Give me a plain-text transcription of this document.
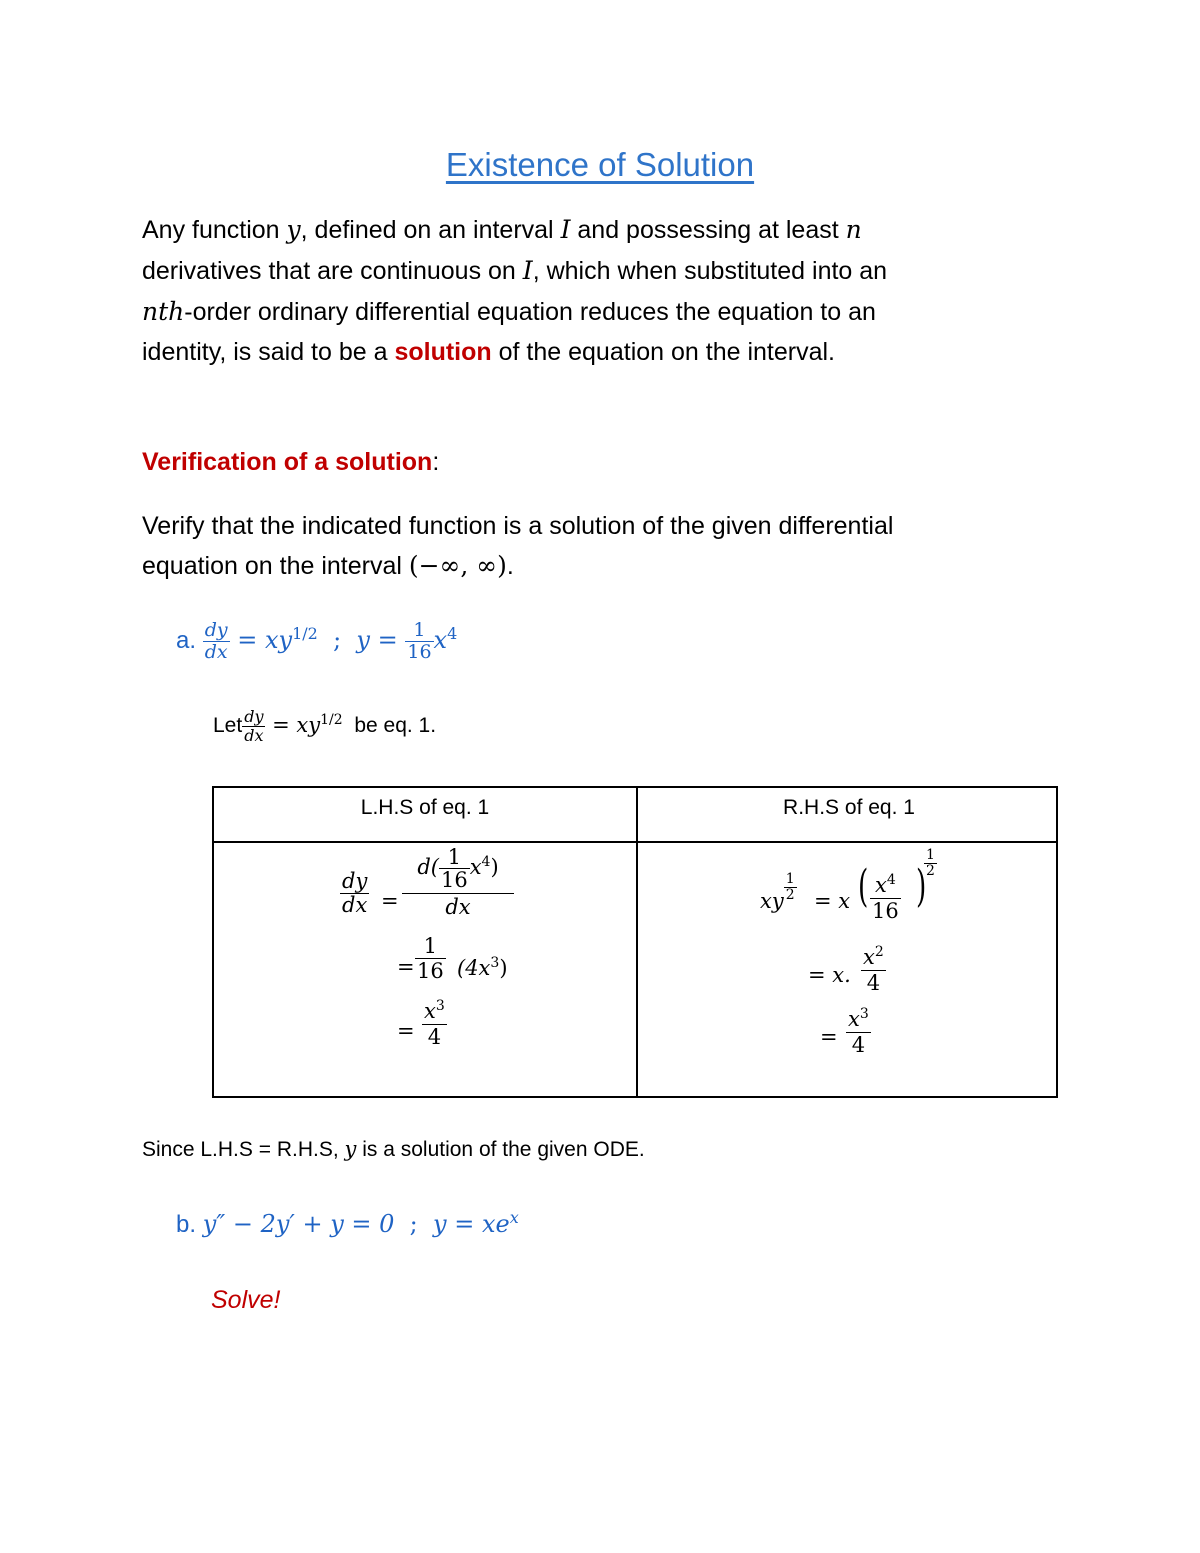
Existence of Solution
Any function y, defined on an interval I and possessing at least n
derivatives that are continuous on I, which when substituted into an
nth-order ordinary differential equation reduces the equation to an
identity, is said to be a solution of the equation on the interval.
Verification of a solution:
Verify that the indicated function is a solution of the given differential
equation on the interval (−∞, ∞).
a. $\frac{dy}{dx} = xy^{1/2}$  ;  $y = \frac{1}{16} x^4$
Let $\frac{dy}{dx} = xy^{1/2}$  be eq. 1.
L.H.S of eq. 1	R.H.S of eq. 1
$\frac{dy}{dx} = \frac{d( \frac{1}{16} x^4)}{dx}$
= $\frac{1}{16} (4x^3)$
= $\frac{x^3}{4}$
xy $\frac{1}{2} = x$ ( $\frac{x^4}{16}$ )
$\frac{1}{2}$
= x. $\frac{x^2}{4}$
= $\frac{x^3}{4}$
Since L.H.S = R.H.S, y is a solution of the given ODE.
b. y″ − 2y′ + y = 0  ;  $y = xe^x$
Solve!
